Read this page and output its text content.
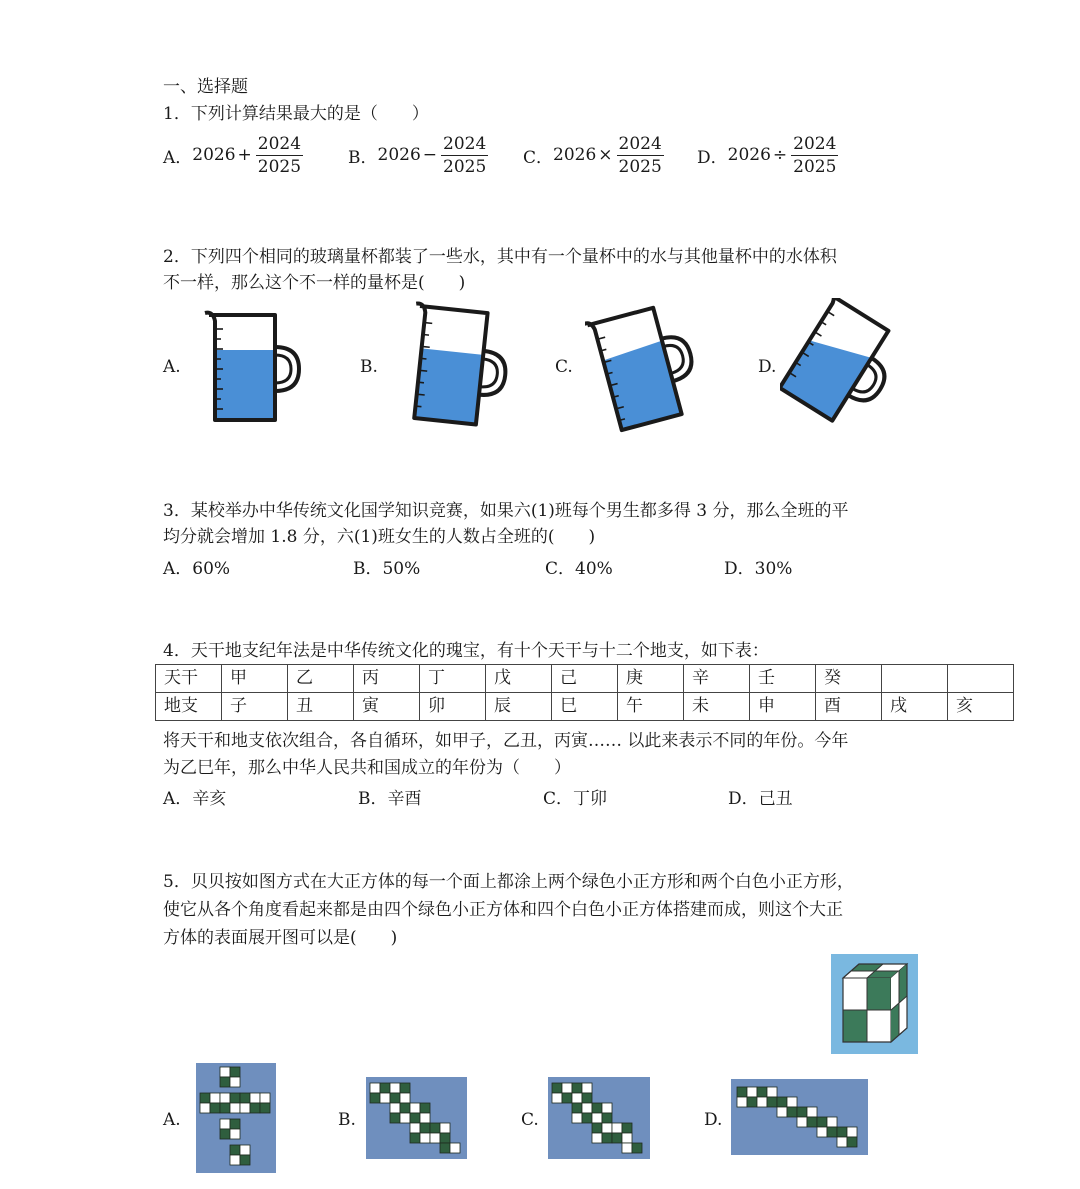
一、选择题
1．下列计算结果最大的是（　　）
A． $2026 + \frac{2024}{2025}$	B． $2026 - \frac{2024}{2025}$ C． $2026 \times \frac{2024}{2025}$ D． $2026 \div \frac{2024}{2025}$
2．下列四个相同的玻璃量杯都装了一些水，其中有一个量杯中的水与其他量杯中的水体积
不一样，那么这个不一样的量杯是(　　)
A.	B.	C.	D.
3．某校举办中华传统文化国学知识竞赛，如果六(1)班每个男生都多得 3 分，那么全班的平
均分就会增加 1.8 分，六(1)班女生的人数占全班的(　　)
A．60%	B．50%	C．40%	D．30%
4．天干地支纪年法是中华传统文化的瑰宝，有十个天干与十二个地支，如下表：
天干	甲	乙	丙	丁	戊	己	庚	辛	壬	癸		
地支	子	丑	寅	卯	辰	巳	午	未	申	酉	戌	亥
将天干和地支依次组合，各自循环，如甲子，乙丑，丙寅…… 以此来表示不同的年份。今年
为乙巳年，那么中华人民共和国成立的年份为（　　）
A．辛亥	B．辛酉	C．丁卯	D．己丑
5．贝贝按如图方式在大正方体的每一个面上都涂上两个绿色小正方形和两个白色小正方形，
使它从各个角度看起来都是由四个绿色小正方体和四个白色小正方体搭建而成，则这个大正
方体的表面展开图可以是(　　)
A.	B.	C.	D.
